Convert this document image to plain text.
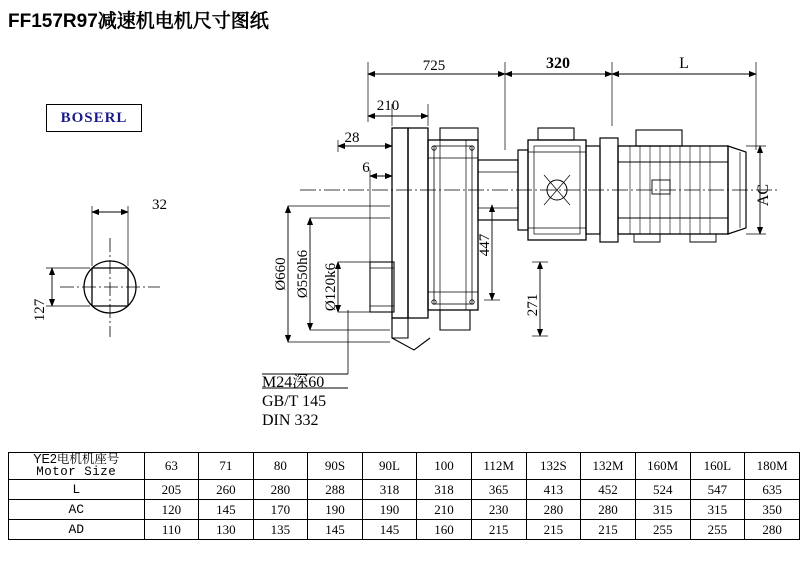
FF157R97减速机电机尺寸图纸
BOSERL
725	320	L
210
28
6
32	AC
447
271
Ø660 Ø550h6 Ø120k6
127
M24深60
GB/T 145
DIN 332
YE2电机机座号
Motor Size	63	71	80	90S	90L	100	112M	132S	132M	160M	160L	180M
L	205	260	280	288	318	318	365	413	452	524	547	635
AC	120	145	170	190	190	210	230	280	280	315	315	350
AD	110	130	135	145	145	160	215	215	215	255	255	280
